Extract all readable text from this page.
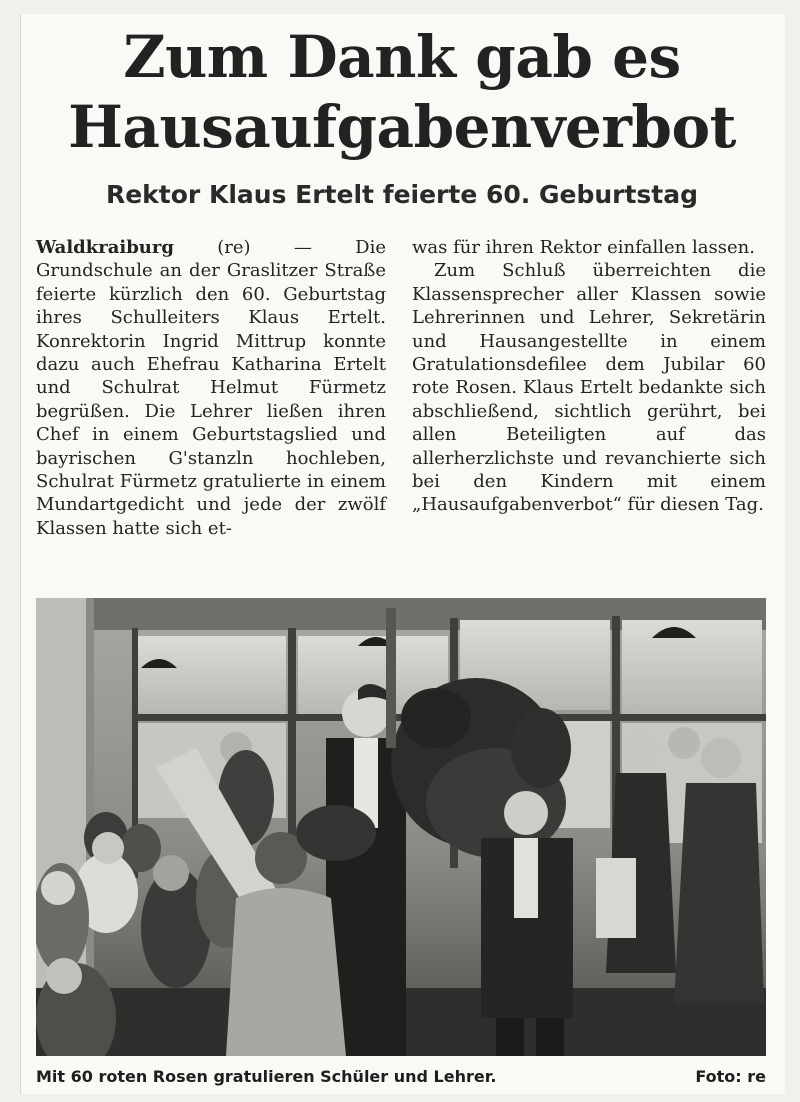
Zum Dank gab es
Hausaufgabenverbot
Rektor Klaus Ertelt feierte 60. Geburtstag

Waldkraiburg (re) — Die Grundschule an der Graslitzer Straße feierte kürzlich den 60. Geburtstag ihres Schulleiters Klaus Ertelt. Konrektorin Ingrid Mittrup konnte dazu auch Ehefrau Katharina Ertelt und Schulrat Helmut Fürmetz begrüßen. Die Lehrer ließen ihren Chef in einem Geburtstagslied und bayrischen G'stanzln hochleben, Schulrat Fürmetz gratulierte in einem Mundartgedicht und jede der zwölf Klassen hatte sich et-

was für ihren Rektor einfallen lassen.

Zum Schluß überreichten die Klassensprecher aller Klassen sowie Lehrerinnen und Lehrer, Sekretärin und Hausangestellte in einem Gratulationsdefilee dem Jubilar 60 rote Rosen. Klaus Ertelt bedankte sich abschließend, sichtlich gerührt, bei allen Beteiligten auf das allerherzlichste und revanchierte sich bei den Kindern mit einem „Hausaufgabenverbot“ für diesen Tag.

Mit 60 roten Rosen gratulieren Schüler und Lehrer.	Foto: re
